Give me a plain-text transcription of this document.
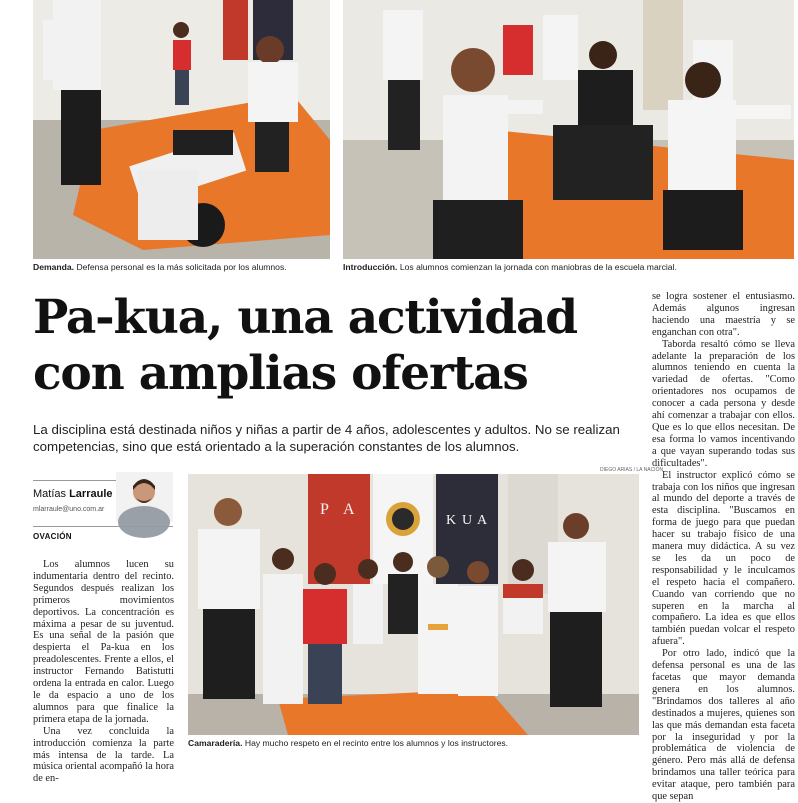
Demanda. Defensa personal es la más solicitada por los alumnos.	Introducción. Los alumnos comienzan la jornada con maniobras de la escuela marcial.
Pa-kua, una actividad
con amplias ofertas
La disciplina está destinada niños y niñas a partir de 4 años, adolescentes y adultos. No se realizan competencias, sino que está orientado a la superación constantes de los alumnos.
Matías Larraule
mlarraule@uno.com.ar
OVACIÓN

Los alumnos lucen su indumentaria dentro del recinto. Segundos después realizan los primeros movimientos deportivos. La concentración es máxima a pesar de su juventud. Es una señal de la pasión que despierta el Pa-kua en los preadolescentes. Frente a ellos, el instructor Fernando Batistutti ordena la entrada en calor. Luego le da espacio a uno de los alumnos para que finalice la primera etapa de la jornada.

Una vez concluida la introducción comienza la parte más intensa de la tarde. La música oriental acompañó la hora de en-

P A
K U A
DIEGO ARIAS / LA NACIÓN
Camaradería. Hay mucho respeto en el recinto entre los alumnos y los instructores.

se logra sostener el entusiasmo. Además algunos ingresan haciendo una maestría y se enganchan con otra".

Taborda resaltó cómo se lleva adelante la preparación de los alumnos teniendo en cuenta la variedad de ofertas. "Como orientadores nos ocupamos de conocer a cada persona y desde ahí comenzar a trabajar con ellos. Que es lo que ellos necesitan. De esa forma lo vamos incentivando a que vayan superando todas sus dificultades".

El instructor explicó cómo se trabaja con los niños que ingresan al mundo del deporte a través de esta disciplina. "Buscamos en forma de juego para que puedan hacer su trabajo físico de una manera muy didáctica. A su vez se les da un poco de responsabilidad y le inculcamos el respeto hacia el compañero. Cuando van corriendo que no superen en la marcha al compañero. La idea es que ellos también puedan volcar el respeto afuera".

Por otro lado, indicó que la defensa personal es una de las facetas que mayor demanda genera en los alumnos. "Brindamos dos talleres al año destinados a mujeres, quienes son las que más demandan esta faceta por la inseguridad y por la problemática de violencia de género. Pero más allá de defensa brindamos una taller teórica para evitar ataque, pero también para que sepan
